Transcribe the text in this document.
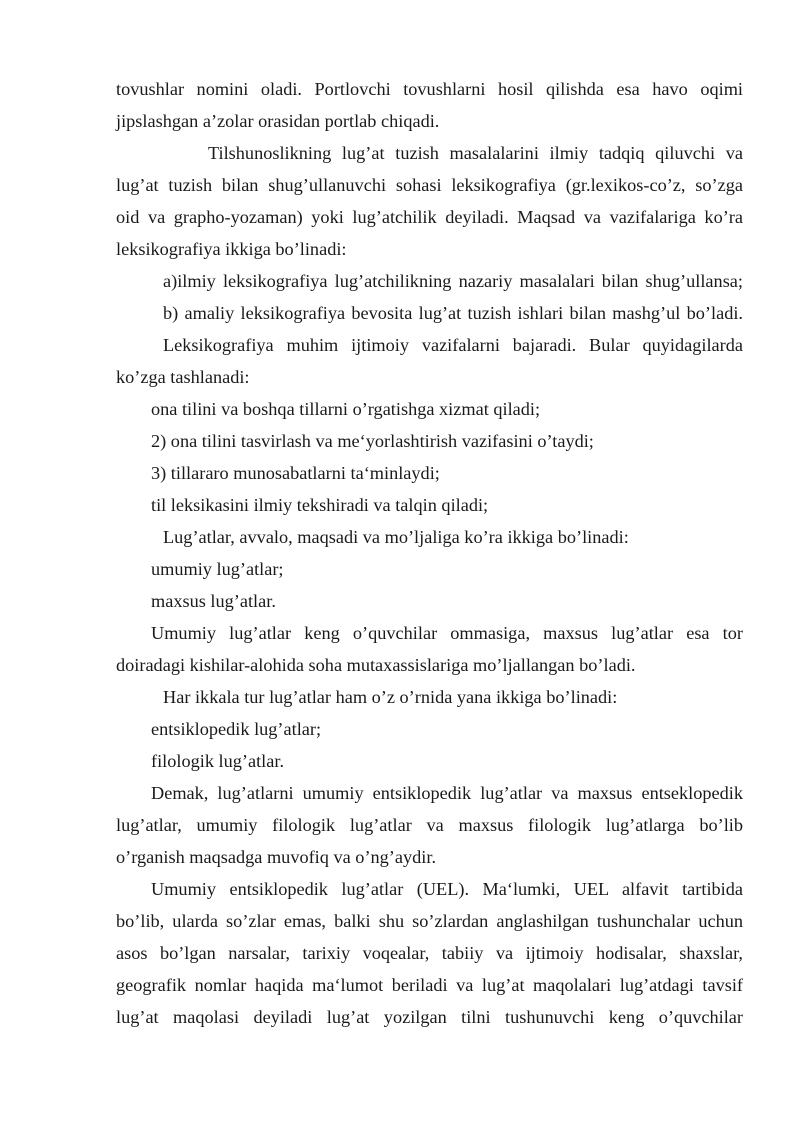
tovushlar nomini oladi. Portlovchi tovushlarni hosil qilishda esa havo oqimi
jipslashgan a’zolar orasidan portlab chiqadi.
Tilshunoslikning lug’at tuzish masalalarini ilmiy tadqiq qiluvchi va
lug’at tuzish bilan shug’ullanuvchi sohasi leksikografiya (gr.lexikos-co’z, so’zga
oid va grapho-yozaman) yoki lug’atchilik deyiladi. Maqsad va vazifalariga ko’ra
leksikografiya ikkiga bo’linadi:
a)ilmiy leksikografiya lug’atchilikning nazariy masalalari bilan shug’ullansa;
b) amaliy leksikografiya bevosita lug’at tuzish ishlari bilan mashg’ul bo’ladi.
Leksikografiya muhim ijtimoiy vazifalarni bajaradi. Bular quyidagilarda
ko’zga tashlanadi:
ona tilini va boshqa tillarni o’rgatishga xizmat qiladi;
2) ona tilini tasvirlash va me‘yorlashtirish vazifasini o’taydi;
3) tillararo munosabatlarni ta‘minlaydi;
til leksikasini ilmiy tekshiradi va talqin qiladi;
Lug’atlar, avvalo, maqsadi va mo’ljaliga ko’ra ikkiga bo’linadi:
umumiy lug’atlar;
maxsus lug’atlar.
Umumiy lug’atlar keng o’quvchilar ommasiga, maxsus lug’atlar esa tor
doiradagi kishilar-alohida soha mutaxassislariga mo’ljallangan bo’ladi.
Har ikkala tur lug’atlar ham o’z o’rnida yana ikkiga bo’linadi:
entsiklopedik lug’atlar;
filologik lug’atlar.
Demak, lug’atlarni umumiy entsiklopedik lug’atlar va maxsus entseklopedik
lug’atlar, umumiy filologik lug’atlar va maxsus filologik lug’atlarga bo’lib
o’rganish maqsadga muvofiq va o’ng’aydir.
Umumiy entsiklopedik lug’atlar (UEL). Ma‘lumki, UEL alfavit tartibida
bo’lib, ularda so’zlar emas, balki shu so’zlardan anglashilgan tushunchalar uchun
asos bo’lgan narsalar, tarixiy voqealar, tabiiy va ijtimoiy hodisalar, shaxslar,
geografik nomlar haqida ma‘lumot beriladi va lug’at maqolalari lug’atdagi tavsif
lug’at maqolasi deyiladi lug’at yozilgan tilni tushunuvchi keng o’quvchilar
